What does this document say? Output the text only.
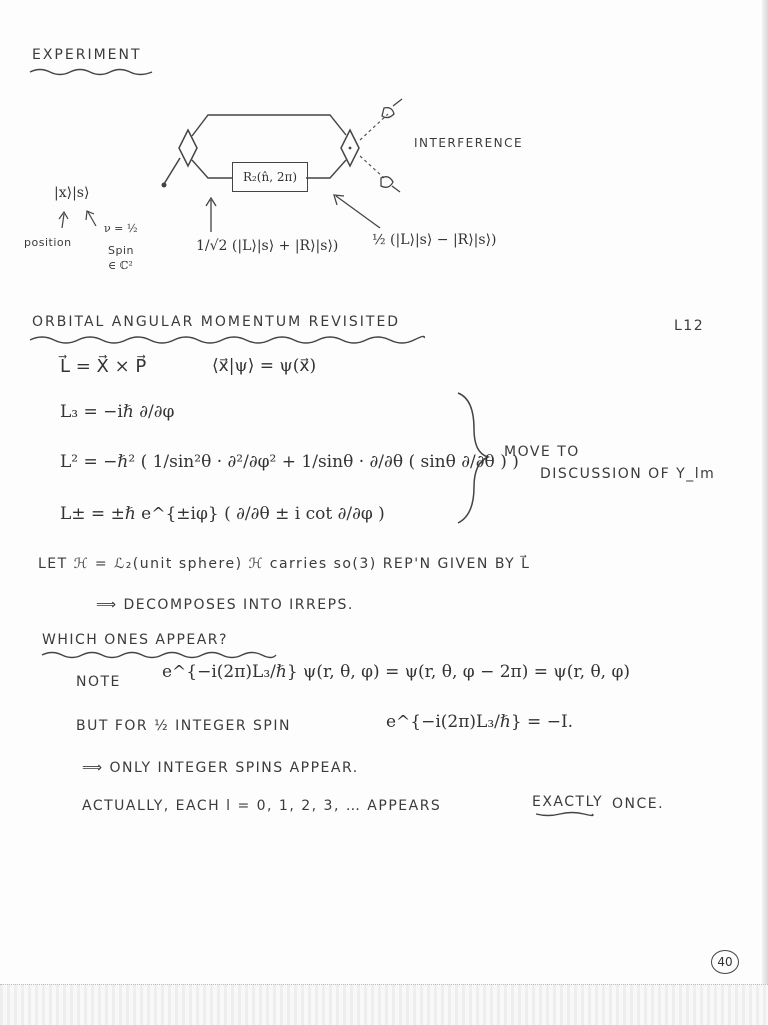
EXPERIMENT
INTERFERENCE
|x⟩|s⟩
position
ν = ½
Spin
∈ ℂ²
R₂(n̂, 2π)
1/√2 (|L⟩|s⟩ + |R⟩|s⟩) ½ (|L⟩|s⟩ − |R⟩|s⟩)
ORBITAL ANGULAR MOMENTUM REVISITED	L12
L⃗ = X⃗ × P⃗	⟨x⃗|ψ⟩ = ψ(x⃗)
L₃ = −iℏ ∂/∂φ
L² = −ℏ² ( 1/sin²θ · ∂²/∂φ² + 1/sinθ · ∂/∂θ ( sinθ ∂/∂θ ) )
L± = ±ℏ e^{±iφ} ( ∂/∂θ ± i cot ∂/∂φ )
MOVE TO
DISCUSSION OF Y_lm
LET ℋ = ℒ₂(unit sphere) ℋ carries so(3) REP'N GIVEN BY L⃗
⟹ DECOMPOSES INTO IRREPS.
WHICH ONES APPEAR?
NOTE e^{−i(2π)L₃/ℏ} ψ(r, θ, φ) = ψ(r, θ, φ − 2π) = ψ(r, θ, φ)
BUT FOR ½ INTEGER SPIN	e^{−i(2π)L₃/ℏ} = −I.
⟹ ONLY INTEGER SPINS APPEAR.
ACTUALLY, EACH l = 0, 1, 2, 3, … APPEARS	EXACTLY ONCE.
40
